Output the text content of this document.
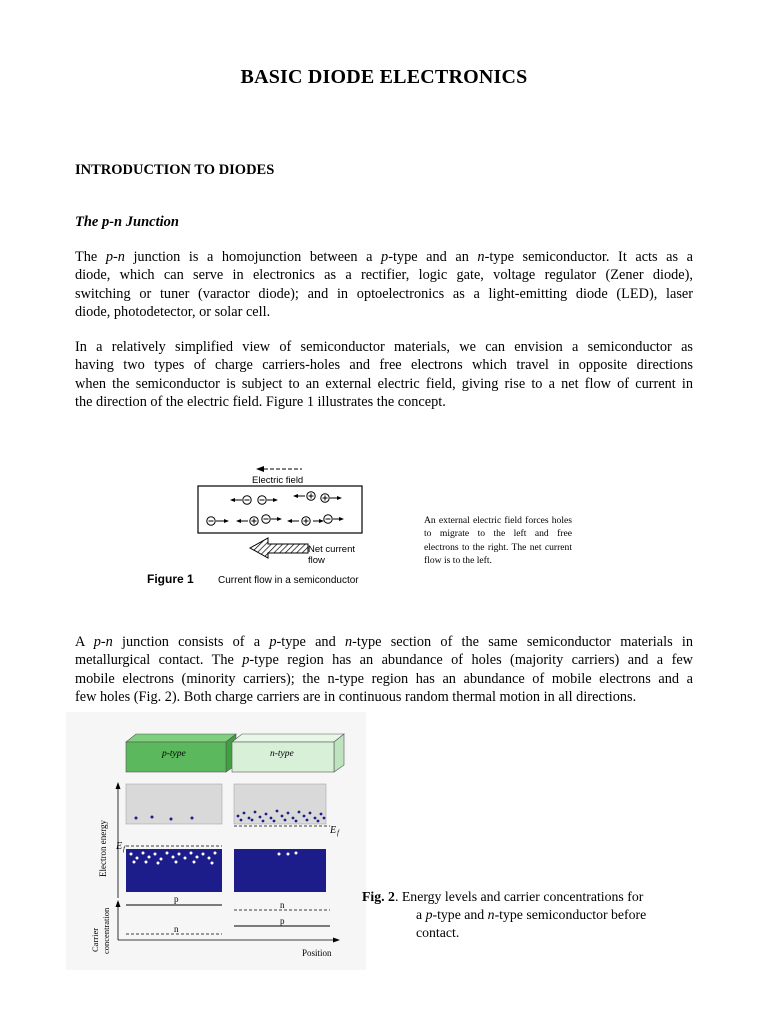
BASIC DIODE ELECTRONICS
INTRODUCTION TO DIODES
The p-n Junction
The p-n junction is a homojunction between a p-type and an n-type semiconductor. It acts as a
diode, which can serve in electronics as a rectifier, logic gate, voltage regulator (Zener diode),
switching or tuner (varactor diode); and in optoelectronics as a light-emitting diode (LED), laser
diode, photodetector, or solar cell.
In a relatively simplified view of semiconductor materials, we can envision a semiconductor as
having two types of charge carriers-holes and free electrons which travel in opposite directions
when the semiconductor is subject to an external electric field, giving rise to a net flow of current in
the direction of the electric field. Figure 1 illustrates the concept.
Electric field
Net current
flow
Figure 1 Current flow in a semiconductor
An external electric field forces holes to migrate to the left and free electrons to the right. The net current flow is to the left.
A p-n junction consists of a p-type and n-type section of the same semiconductor materials in
metallurgical contact. The p-type region has an abundance of holes (majority carriers) and a few
mobile electrons (minority carriers); the n-type region has an abundance of mobile electrons and a
few holes (Fig. 2). Both charge carriers are in continuous random thermal motion in all directions.
p-type	n-type
Electron energy	E f
E f
Carrier concentration
p
n
n
p
Position
Fig. 2. Energy levels and carrier concentrations for
a p-type and n-type semiconductor before
contact.
